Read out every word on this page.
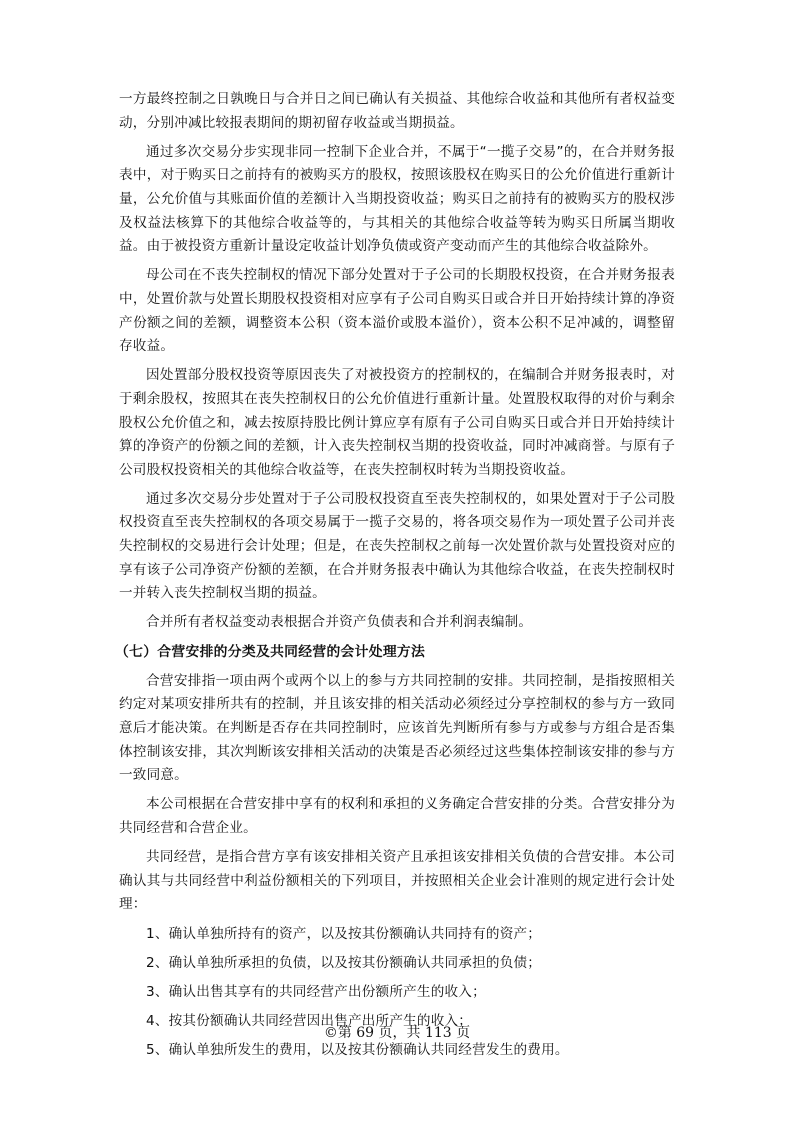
一方最终控制之日孰晚日与合并日之间已确认有关损益、其他综合收益和其他所有者权益变动，分别冲减比较报表期间的期初留存收益或当期损益。

通过多次交易分步实现非同一控制下企业合并，不属于“一揽子交易”的，在合并财务报表中，对于购买日之前持有的被购买方的股权，按照该股权在购买日的公允价值进行重新计量，公允价值与其账面价值的差额计入当期投资收益；购买日之前持有的被购买方的股权涉及权益法核算下的其他综合收益等的，与其相关的其他综合收益等转为购买日所属当期收益。由于被投资方重新计量设定收益计划净负债或资产变动而产生的其他综合收益除外。

母公司在不丧失控制权的情况下部分处置对于子公司的长期股权投资，在合并财务报表中，处置价款与处置长期股权投资相对应享有子公司自购买日或合并日开始持续计算的净资产份额之间的差额，调整资本公积（资本溢价或股本溢价），资本公积不足冲减的，调整留存收益。

因处置部分股权投资等原因丧失了对被投资方的控制权的，在编制合并财务报表时，对于剩余股权，按照其在丧失控制权日的公允价值进行重新计量。处置股权取得的对价与剩余股权公允价值之和，减去按原持股比例计算应享有原有子公司自购买日或合并日开始持续计算的净资产的份额之间的差额，计入丧失控制权当期的投资收益，同时冲减商誉。与原有子公司股权投资相关的其他综合收益等，在丧失控制权时转为当期投资收益。

通过多次交易分步处置对于子公司股权投资直至丧失控制权的，如果处置对于子公司股权投资直至丧失控制权的各项交易属于一揽子交易的，将各项交易作为一项处置子公司并丧失控制权的交易进行会计处理；但是，在丧失控制权之前每一次处置价款与处置投资对应的享有该子公司净资产份额的差额，在合并财务报表中确认为其他综合收益，在丧失控制权时一并转入丧失控制权当期的损益。

合并所有者权益变动表根据合并资产负债表和合并利润表编制。

（七）合营安排的分类及共同经营的会计处理方法

合营安排指一项由两个或两个以上的参与方共同控制的安排。共同控制，是指按照相关约定对某项安排所共有的控制，并且该安排的相关活动必须经过分享控制权的参与方一致同意后才能决策。在判断是否存在共同控制时，应该首先判断所有参与方或参与方组合是否集体控制该安排，其次判断该安排相关活动的决策是否必须经过这些集体控制该安排的参与方一致同意。

本公司根据在合营安排中享有的权利和承担的义务确定合营安排的分类。合营安排分为共同经营和合营企业。

共同经营，是指合营方享有该安排相关资产且承担该安排相关负债的合营安排。本公司确认其与共同经营中利益份额相关的下列项目，并按照相关企业会计准则的规定进行会计处理：

1、确认单独所持有的资产，以及按其份额确认共同持有的资产；
2、确认单独所承担的负债，以及按其份额确认共同承担的负债；
3、确认出售其享有的共同经营产出份额所产生的收入；
4、按其份额确认共同经营因出售产出所产生的收入；
5、确认单独所发生的费用，以及按其份额确认共同经营发生的费用。
©第 69 页，共 113 页
